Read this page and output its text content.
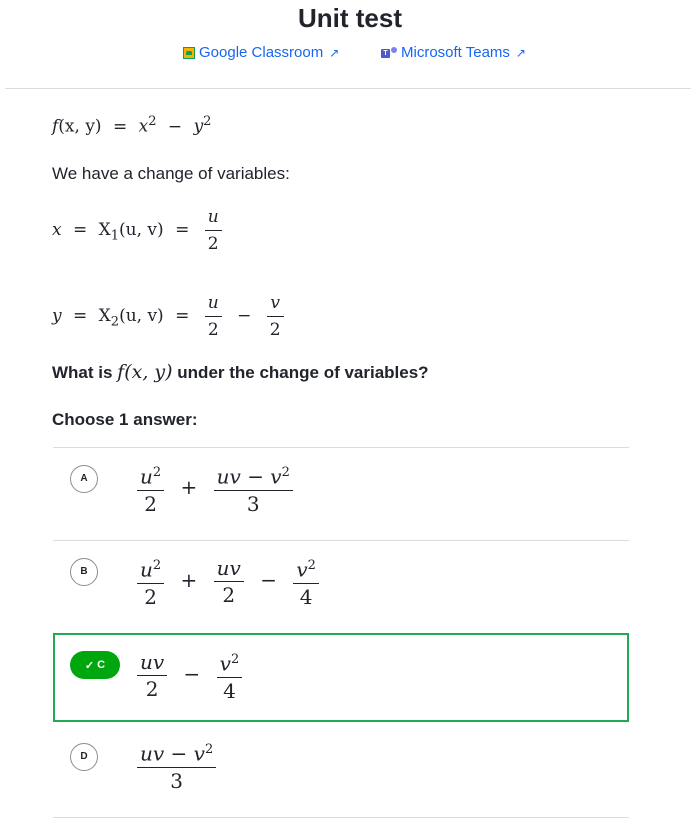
Unit test
Google Classroom ↗	T Microsoft Teams ↗
f(x, $y) = x^2 - y^2$
We have a change of variables:
$x = X_1(u$, $v) = \frac{u}{2}$
$y = X_2(u$, $v) = \frac{u}{2} - \frac{v}{2}$
What is f(x, y) under the change of variables?
Choose 1 answer:
A	$\frac{u^2}{2} + \frac{uv - v^2}{3}$
B	$\frac{u^2}{2} + \frac{uv}{2} - \frac{v^2}{4}$
✓ C $\frac{uv}{2} - \frac{v^2}{4}$
D	$\frac{uv - v^2}{3}$
